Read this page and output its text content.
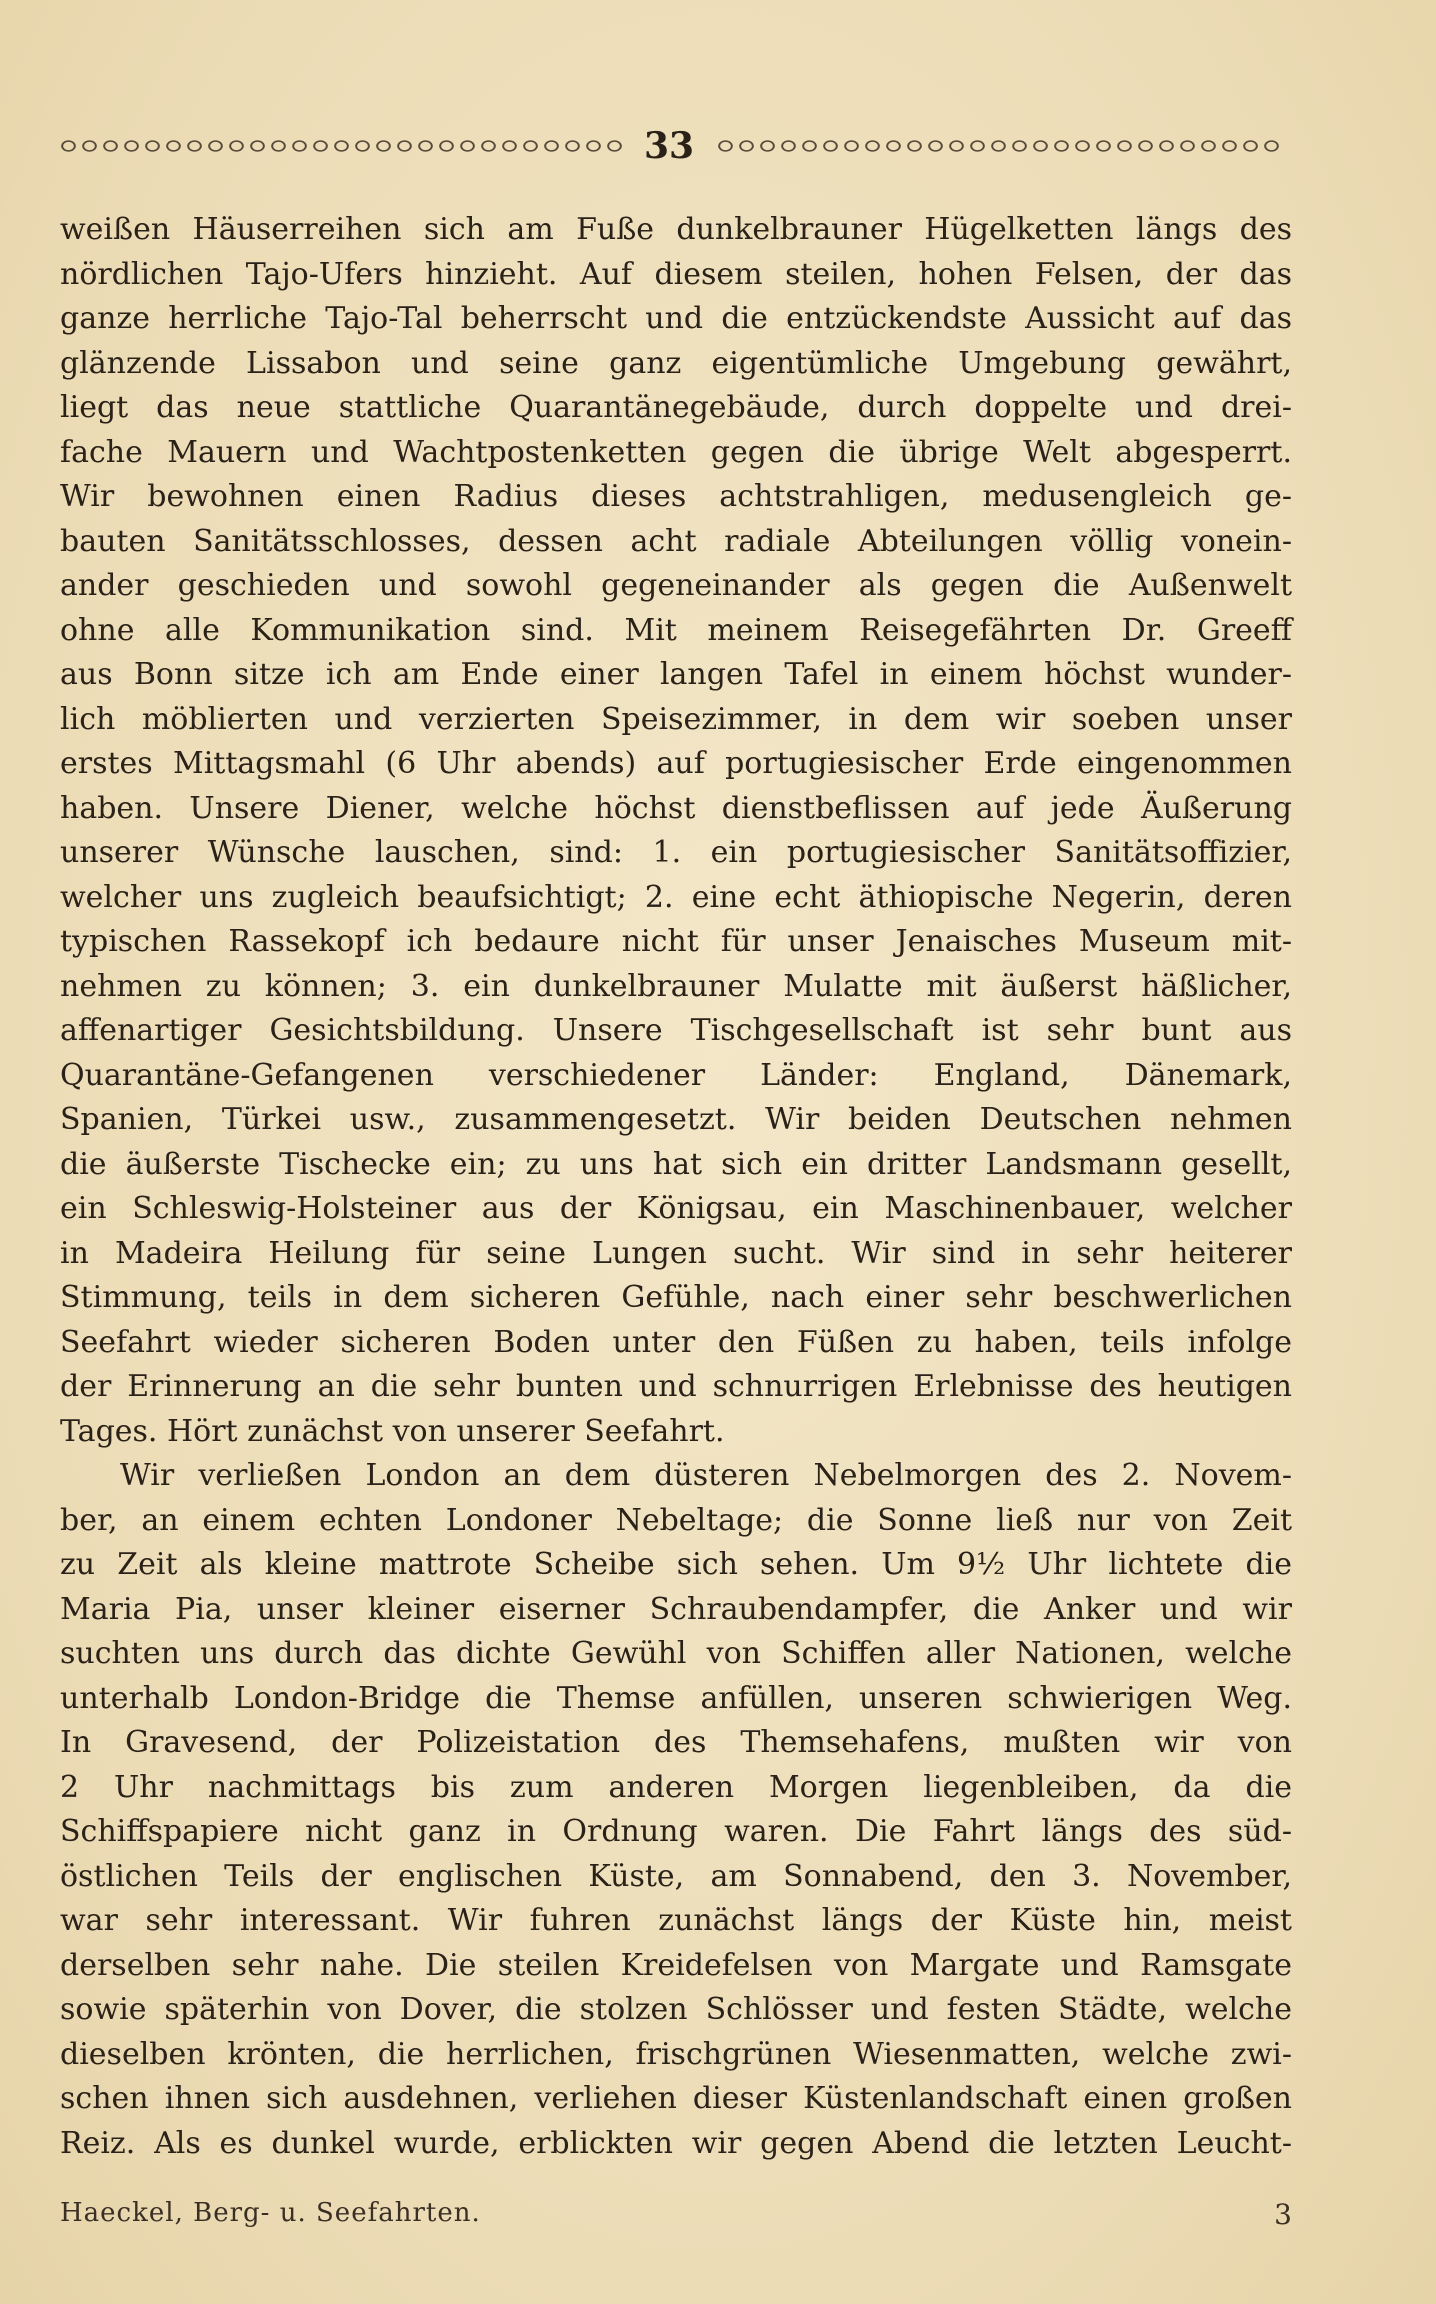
33
weißen Häuserreihen sich am Fuße dunkelbrauner Hügelketten längs des
nördlichen Tajo-Ufers hinzieht. Auf diesem steilen, hohen Felsen, der das
ganze herrliche Tajo-Tal beherrscht und die entzückendste Aussicht auf das
glänzende Lissabon und seine ganz eigentümliche Umgebung gewährt,
liegt das neue stattliche Quarantänegebäude, durch doppelte und drei-
fache Mauern und Wachtpostenketten gegen die übrige Welt abgesperrt.
Wir bewohnen einen Radius dieses achtstrahligen, medusengleich ge-
bauten Sanitätsschlosses, dessen acht radiale Abteilungen völlig vonein-
ander geschieden und sowohl gegeneinander als gegen die Außenwelt
ohne alle Kommunikation sind. Mit meinem Reisegefährten Dr. Greeff
aus Bonn sitze ich am Ende einer langen Tafel in einem höchst wunder-
lich möblierten und verzierten Speisezimmer, in dem wir soeben unser
erstes Mittagsmahl (6 Uhr abends) auf portugiesischer Erde eingenommen
haben. Unsere Diener, welche höchst dienstbeflissen auf jede Äußerung
unserer Wünsche lauschen, sind: 1. ein portugiesischer Sanitätsoffizier,
welcher uns zugleich beaufsichtigt; 2. eine echt äthiopische Negerin, deren
typischen Rassekopf ich bedaure nicht für unser Jenaisches Museum mit-
nehmen zu können; 3. ein dunkelbrauner Mulatte mit äußerst häßlicher,
affenartiger Gesichtsbildung. Unsere Tischgesellschaft ist sehr bunt aus
Quarantäne-Gefangenen verschiedener Länder: England, Dänemark,
Spanien, Türkei usw., zusammengesetzt. Wir beiden Deutschen nehmen
die äußerste Tischecke ein; zu uns hat sich ein dritter Landsmann gesellt,
ein Schleswig-Holsteiner aus der Königsau, ein Maschinenbauer, welcher
in Madeira Heilung für seine Lungen sucht. Wir sind in sehr heiterer
Stimmung, teils in dem sicheren Gefühle, nach einer sehr beschwerlichen
Seefahrt wieder sicheren Boden unter den Füßen zu haben, teils infolge
der Erinnerung an die sehr bunten und schnurrigen Erlebnisse des heutigen
Tages. Hört zunächst von unserer Seefahrt.
Wir verließen London an dem düsteren Nebelmorgen des 2. Novem-
ber, an einem echten Londoner Nebeltage; die Sonne ließ nur von Zeit
zu Zeit als kleine mattrote Scheibe sich sehen. Um 9½ Uhr lichtete die
Maria Pia, unser kleiner eiserner Schraubendampfer, die Anker und wir
suchten uns durch das dichte Gewühl von Schiffen aller Nationen, welche
unterhalb London-Bridge die Themse anfüllen, unseren schwierigen Weg.
In Gravesend, der Polizeistation des Themsehafens, mußten wir von
2 Uhr nachmittags bis zum anderen Morgen liegenbleiben, da die
Schiffspapiere nicht ganz in Ordnung waren. Die Fahrt längs des süd-
östlichen Teils der englischen Küste, am Sonnabend, den 3. November,
war sehr interessant. Wir fuhren zunächst längs der Küste hin, meist
derselben sehr nahe. Die steilen Kreidefelsen von Margate und Ramsgate
sowie späterhin von Dover, die stolzen Schlösser und festen Städte, welche
dieselben krönten, die herrlichen, frischgrünen Wiesenmatten, welche zwi-
schen ihnen sich ausdehnen, verliehen dieser Küstenlandschaft einen großen
Reiz. Als es dunkel wurde, erblickten wir gegen Abend die letzten Leucht-
Haeckel, Berg- u. Seefahrten.	3
